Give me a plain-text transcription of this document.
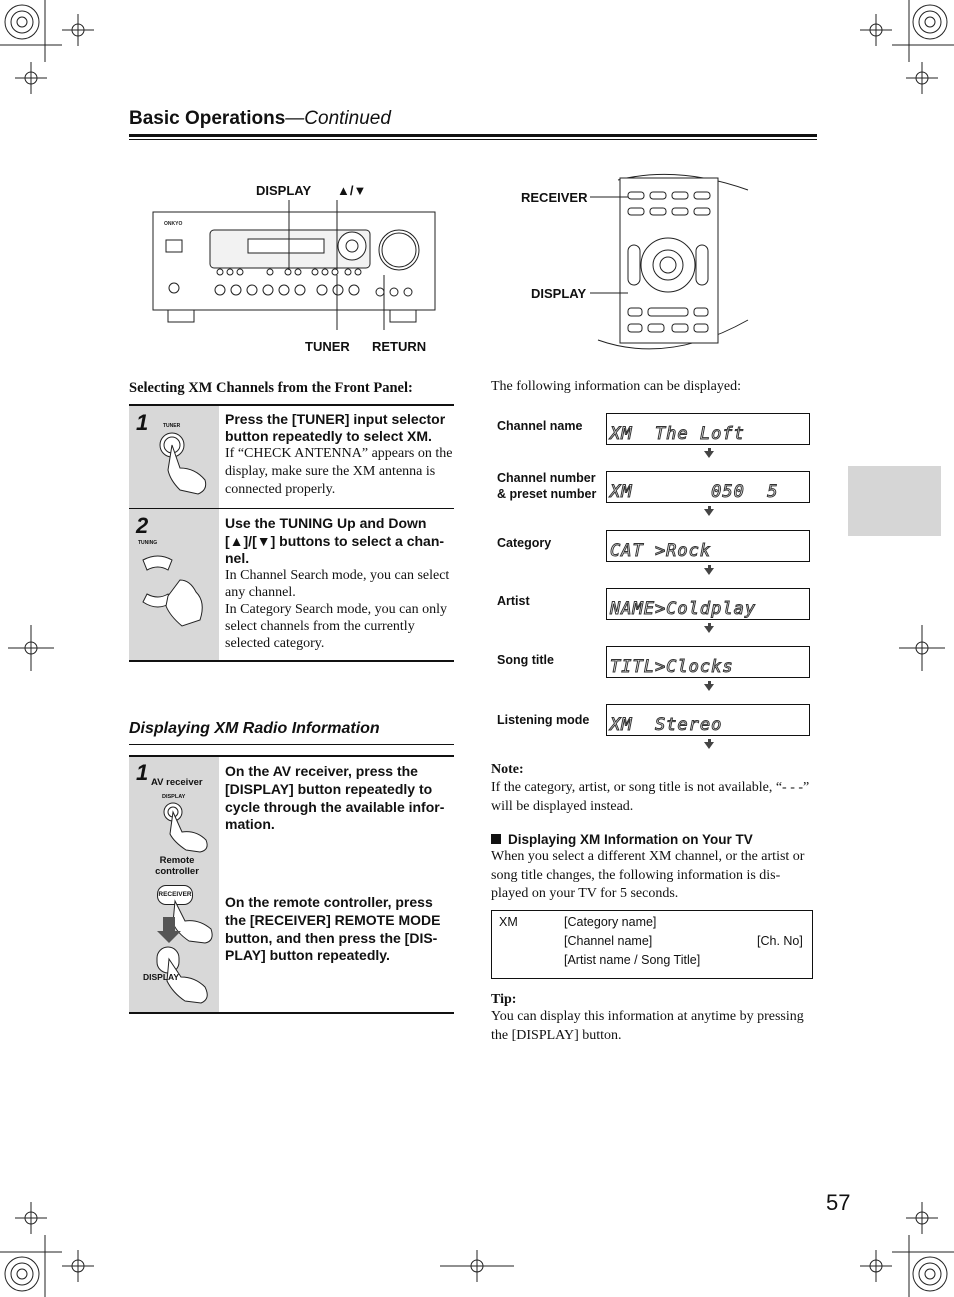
Basic Operations—Continued
ONKYO
DISPLAY ▲/▼
TUNER RETURN
RECEIVER
DISPLAY
Selecting XM Channels from the Front Panel:
1	TUNER	Press the [TUNER] input selector button repeatedly to select XM.
If “CHECK ANTENNA” appears on the display, make sure the XM antenna is connected properly.
2
TUNING
Use the TUNING Up and Down [▲]/[▼] buttons to select a chan-nel.
In Channel Search mode, you can select any channel.
In Category Search mode, you can only select channels from the currently selected category.
Displaying XM Radio Information
1 AV receiver
DISPLAY
Remote controller
RECEIVER
DISPLAY
On the AV receiver, press the [DISPLAY] button repeatedly to cycle through the available infor-mation.
On the remote controller, press the [RECEIVER] REMOTE MODE button, and then press the [DIS-PLAY] button repeatedly.
The following information can be displayed:
Channel name XM  The Loft
Channel number & preset number XM       050  5
Category	CAT >Rock
Artist	NAME>Coldplay
Song title	TITL>Clocks
Listening mode XM  Stereo
Note:
If the category, artist, or song title is not available, “- - -” will be displayed instead.
Displaying XM Information on Your TV
When you select a different XM channel, or the artist or song title changes, the following information is dis-played on your TV for 5 seconds.
XM	[Category name]
[Channel name]	[Ch. No]
[Artist name / Song Title]
Tip:
You can display this information at anytime by pressing the [DISPLAY] button.
57
